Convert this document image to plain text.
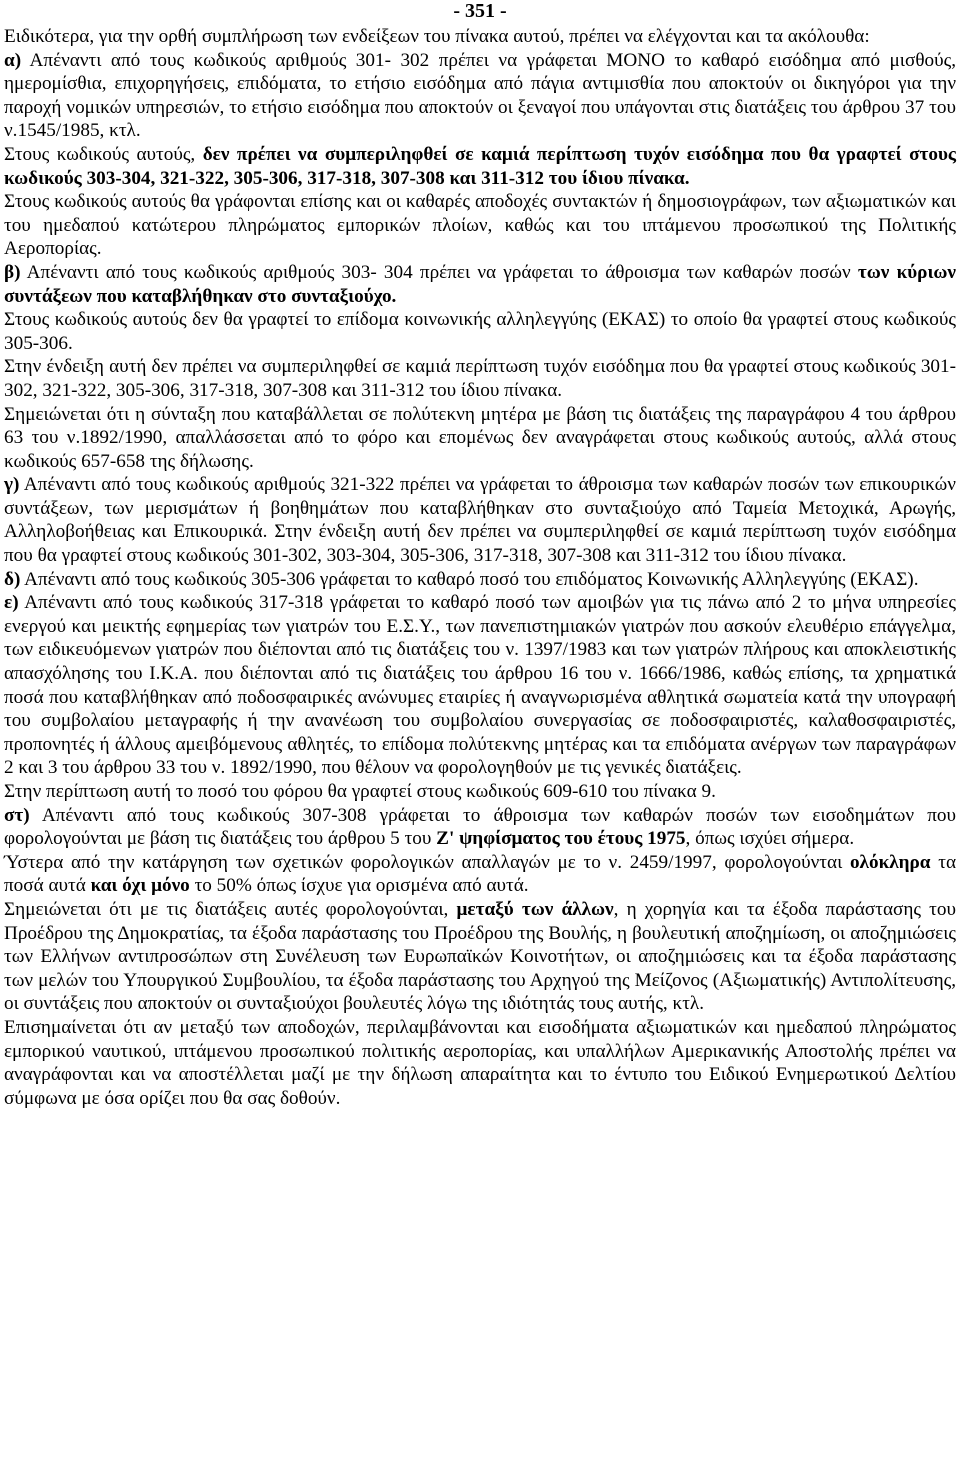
- 351 -

Ειδικότερα, για την ορθή συμπλήρωση των ενδείξεων του πίνακα αυτού, πρέπει να ελέγχονται και τα ακόλουθα:

α) Απέναντι από τους κωδικούς αριθμούς 301- 302 πρέπει να γράφεται ΜΟΝΟ το καθαρό εισόδημα από μισθούς, ημερομίσθια, επιχορηγήσεις, επιδόματα, το ετήσιο εισόδημα από πάγια αντιμισθία που αποκτούν οι δικηγόροι για την παροχή νομικών υπηρεσιών, το ετήσιο εισόδημα που αποκτούν οι ξεναγοί που υπάγονται στις διατάξεις του άρθρου 37 του ν.1545/1985, κτλ.

Στους κωδικούς αυτούς, δεν πρέπει να συμπεριληφθεί σε καμιά περίπτωση τυχόν εισόδημα που θα γραφτεί στους κωδικούς 303-304, 321-322, 305-306, 317-318, 307-308 και 311-312 του ίδιου πίνακα.

Στους κωδικούς αυτούς θα γράφονται επίσης και οι καθαρές αποδοχές συντακτών ή δημοσιογράφων, των αξιωματικών και του ημεδαπού κατώτερου πληρώματος εμπορικών πλοίων, καθώς και του ιπτάμενου προσωπικού της Πολιτικής Αεροπορίας.

β) Απέναντι από τους κωδικούς αριθμούς 303- 304 πρέπει να γράφεται το άθροισμα των καθαρών ποσών των κύριων συντάξεων που καταβλήθηκαν στο συνταξιούχο.

Στους κωδικούς αυτούς δεν θα γραφτεί το επίδομα κοινωνικής αλληλεγγύης (ΕΚΑΣ) το οποίο θα γραφτεί στους κωδικούς 305-306.

Στην ένδειξη αυτή δεν πρέπει να συμπεριληφθεί σε καμιά περίπτωση τυχόν εισόδημα που θα γραφτεί στους κωδικούς 301-302, 321-322, 305-306, 317-318, 307-308 και 311-312 του ίδιου πίνακα.

Σημειώνεται ότι η σύνταξη που καταβάλλεται σε πολύτεκνη μητέρα με βάση τις διατάξεις της παραγράφου 4 του άρθρου 63 του ν.1892/1990, απαλλάσσεται από το φόρο και επομένως δεν αναγράφεται στους κωδικούς αυτούς, αλλά στους κωδικούς 657-658 της δήλωσης.

γ) Απέναντι από τους κωδικούς αριθμούς 321-322 πρέπει να γράφεται το άθροισμα των καθαρών ποσών των επικουρικών συντάξεων, των μερισμάτων ή βοηθημάτων που καταβλήθηκαν στο συνταξιούχο από Ταμεία Μετοχικά, Αρωγής, Αλληλοβοήθειας και Επικουρικά. Στην ένδειξη αυτή δεν πρέπει να συμπεριληφθεί σε καμιά περίπτωση τυχόν εισόδημα που θα γραφτεί στους κωδικούς 301-302, 303-304, 305-306, 317-318, 307-308 και 311-312 του ίδιου πίνακα.

δ) Απέναντι από τους κωδικούς 305-306 γράφεται το καθαρό ποσό του επιδόματος Κοινωνικής Αλληλεγγύης (ΕΚΑΣ).

ε) Απέναντι από τους κωδικούς 317-318 γράφεται το καθαρό ποσό των αμοιβών για τις πάνω από 2 το μήνα υπηρεσίες ενεργού και μεικτής εφημερίας των γιατρών του Ε.Σ.Υ., των πανεπιστημιακών γιατρών που ασκούν ελευθέριο επάγγελμα, των ειδικευόμενων γιατρών που διέπονται από τις διατάξεις του ν. 1397/1983 και των γιατρών πλήρους και αποκλειστικής απασχόλησης του Ι.Κ.Α. που διέπονται από τις διατάξεις του άρθρου 16 του ν. 1666/1986, καθώς επίσης, τα χρηματικά ποσά που καταβλήθηκαν από ποδοσφαιρικές ανώνυμες εταιρίες ή αναγνωρισμένα αθλητικά σωματεία κατά την υπογραφή του συμβολαίου μεταγραφής ή την ανανέωση του συμβολαίου συνεργασίας σε ποδοσφαιριστές, καλαθοσφαιριστές, προπονητές ή άλλους αμειβόμενους αθλητές, το επίδομα πολύτεκνης μητέρας και τα επιδόματα ανέργων των παραγράφων 2 και 3 του άρθρου 33 του ν. 1892/1990, που θέλουν να φορολογηθούν με τις γενικές διατάξεις.

Στην περίπτωση αυτή το ποσό του φόρου θα γραφτεί στους κωδικούς 609-610 του πίνακα 9.

στ) Απέναντι από τους κωδικούς 307-308 γράφεται το άθροισμα των καθαρών ποσών των εισοδημάτων που φορολογούνται με βάση τις διατάξεις του άρθρου 5 του Ζ' ψηφίσματος του έτους 1975, όπως ισχύει σήμερα.

Ύστερα από την κατάργηση των σχετικών φορολογικών απαλλαγών με το ν. 2459/1997, φορολογούνται ολόκληρα τα ποσά αυτά και όχι μόνο το 50% όπως ίσχυε για ορισμένα από αυτά.

Σημειώνεται ότι με τις διατάξεις αυτές φορολογούνται, μεταξύ των άλλων, η χορηγία και τα έξοδα παράστασης του Προέδρου της Δημοκρατίας, τα έξοδα παράστασης του Προέδρου της Βουλής, η βουλευτική αποζημίωση, οι αποζημιώσεις των Ελλήνων αντιπροσώπων στη Συνέλευση των Ευρωπαϊκών Κοινοτήτων, οι αποζημιώσεις και τα έξοδα παράστασης των μελών του Υπουργικού Συμβουλίου, τα έξοδα παράστασης του Αρχηγού της Μείζονος (Αξιωματικής) Αντιπολίτευσης, οι συντάξεις που αποκτούν οι συνταξιούχοι βουλευτές λόγω της ιδιότητάς τους αυτής, κτλ.

Επισημαίνεται ότι αν μεταξύ των αποδοχών, περιλαμβάνονται και εισοδήματα αξιωματικών και ημεδαπού πληρώματος εμπορικού ναυτικού, ιπτάμενου προσωπικού πολιτικής αεροπορίας, και υπαλλήλων Αμερικανικής Αποστολής πρέπει να αναγράφονται και να αποστέλλεται μαζί με την δήλωση απαραίτητα και το έντυπο του Ειδικού Ενημερωτικού Δελτίου σύμφωνα με όσα ορίζει που θα σας δοθούν.
